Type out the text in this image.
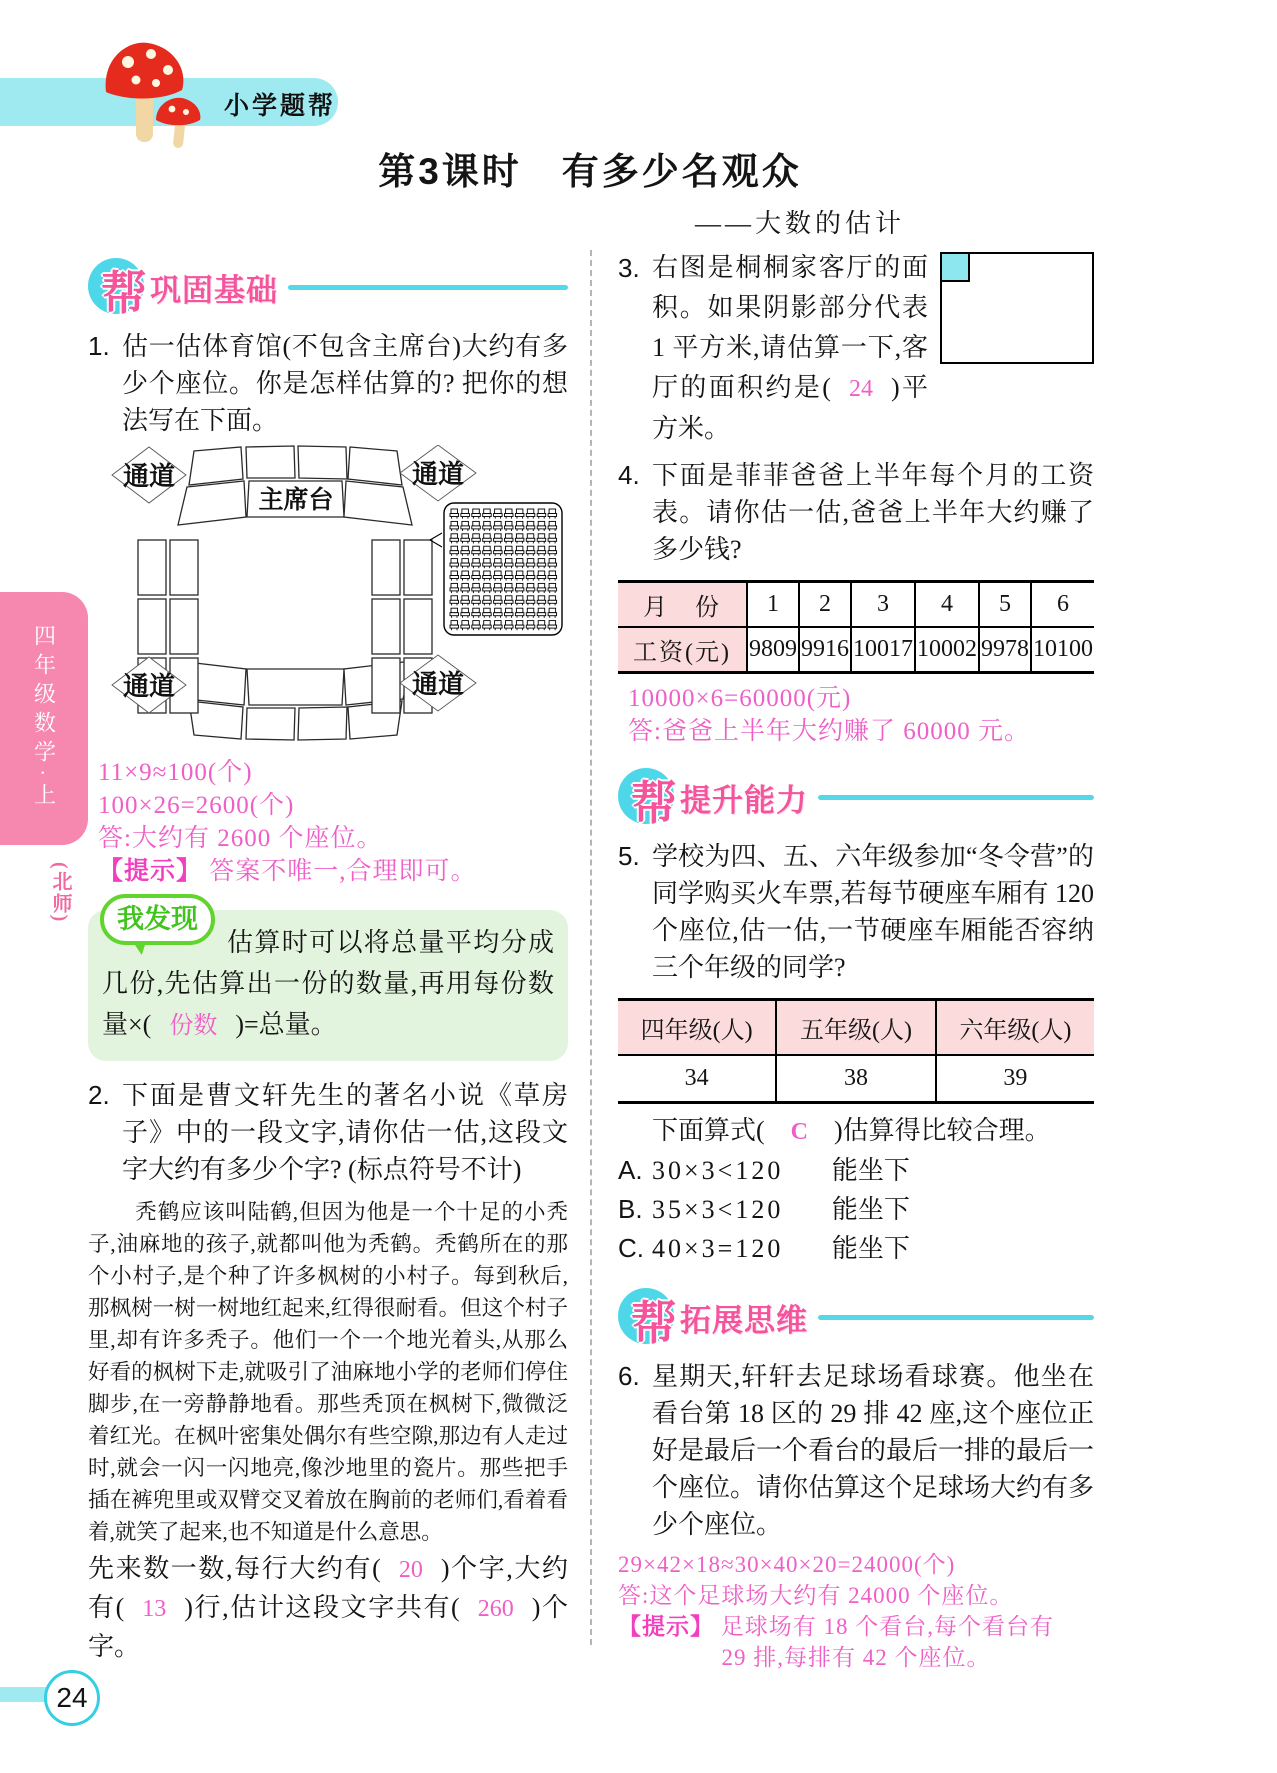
小学题帮
第3课时　有多少名观众
——大数的估计
四年级数学·上
(北师)
帮 巩固基础
1. 估一估体育馆(不包含主席台)大约有多少个座位。你是怎样估算的? 把你的想法写在下面。
主席台
通道	通道
通道	通道
11×9≈100(个)
100×26=2600(个)
答:大约有 2600 个座位。
【提示】 答案不唯一,合理即可。
我发现
估算时可以将总量平均分成几份,先估算出一份的数量,再用每份数量×( 份数 )=总量。
2. 下面是曹文轩先生的著名小说《草房子》中的一段文字,请你估一估,这段文字大约有多少个字? (标点符号不计)
秃鹤应该叫陆鹤,但因为他是一个十足的小秃子,油麻地的孩子,就都叫他为秃鹤。秃鹤所在的那个小村子,是个种了许多枫树的小村子。每到秋后,那枫树一树一树地红起来,红得很耐看。但这个村子里,却有许多秃子。他们一个一个地光着头,从那么好看的枫树下走,就吸引了油麻地小学的老师们停住脚步,在一旁静静地看。那些秃顶在枫树下,微微泛着红光。在枫叶密集处偶尔有些空隙,那边有人走过时,就会一闪一闪地亮,像沙地里的瓷片。那些把手插在裤兜里或双臂交叉着放在胸前的老师们,看着看着,就笑了起来,也不知道是什么意思。
先来数一数,每行大约有( 20 )个字,大约有( 13 )行,估计这段文字共有( 260 )个字。
3. 右图是桐桐家客厅的面积。如果阴影部分代表 1 平方米,请估算一下,客厅的面积约是( 24 )平方米。
4. 下面是菲菲爸爸上半年每个月的工资表。请你估一估,爸爸上半年大约赚了多少钱?
月　份	1	2	3	4	5	6
工资(元)	9809	9916	10017	10002	9978	10100
10000×6=60000(元)
答:爸爸上半年大约赚了 60000 元。
帮 提升能力
5. 学校为四、五、六年级参加“冬令营”的同学购买火车票,若每节硬座车厢有 120 个座位,估一估,一节硬座车厢能否容纳三个年级的同学?
四年级(人)	五年级(人)	六年级(人)
34	38	39
下面算式( C )估算得比较合理。
A. 30×3<120 能坐下
B. 35×3<120 能坐下
C. 40×3=120 能坐下
帮 拓展思维
6. 星期天,轩轩去足球场看球赛。他坐在看台第 18 区的 29 排 42 座,这个座位正好是最后一个看台的最后一排的最后一个座位。请你估算这个足球场大约有多少个座位。
29×42×18≈30×40×20=24000(个)
答:这个足球场大约有 24000 个座位。
【提示】 足球场有 18 个看台,每个看台有
29 排,每排有 42 个座位。
24
